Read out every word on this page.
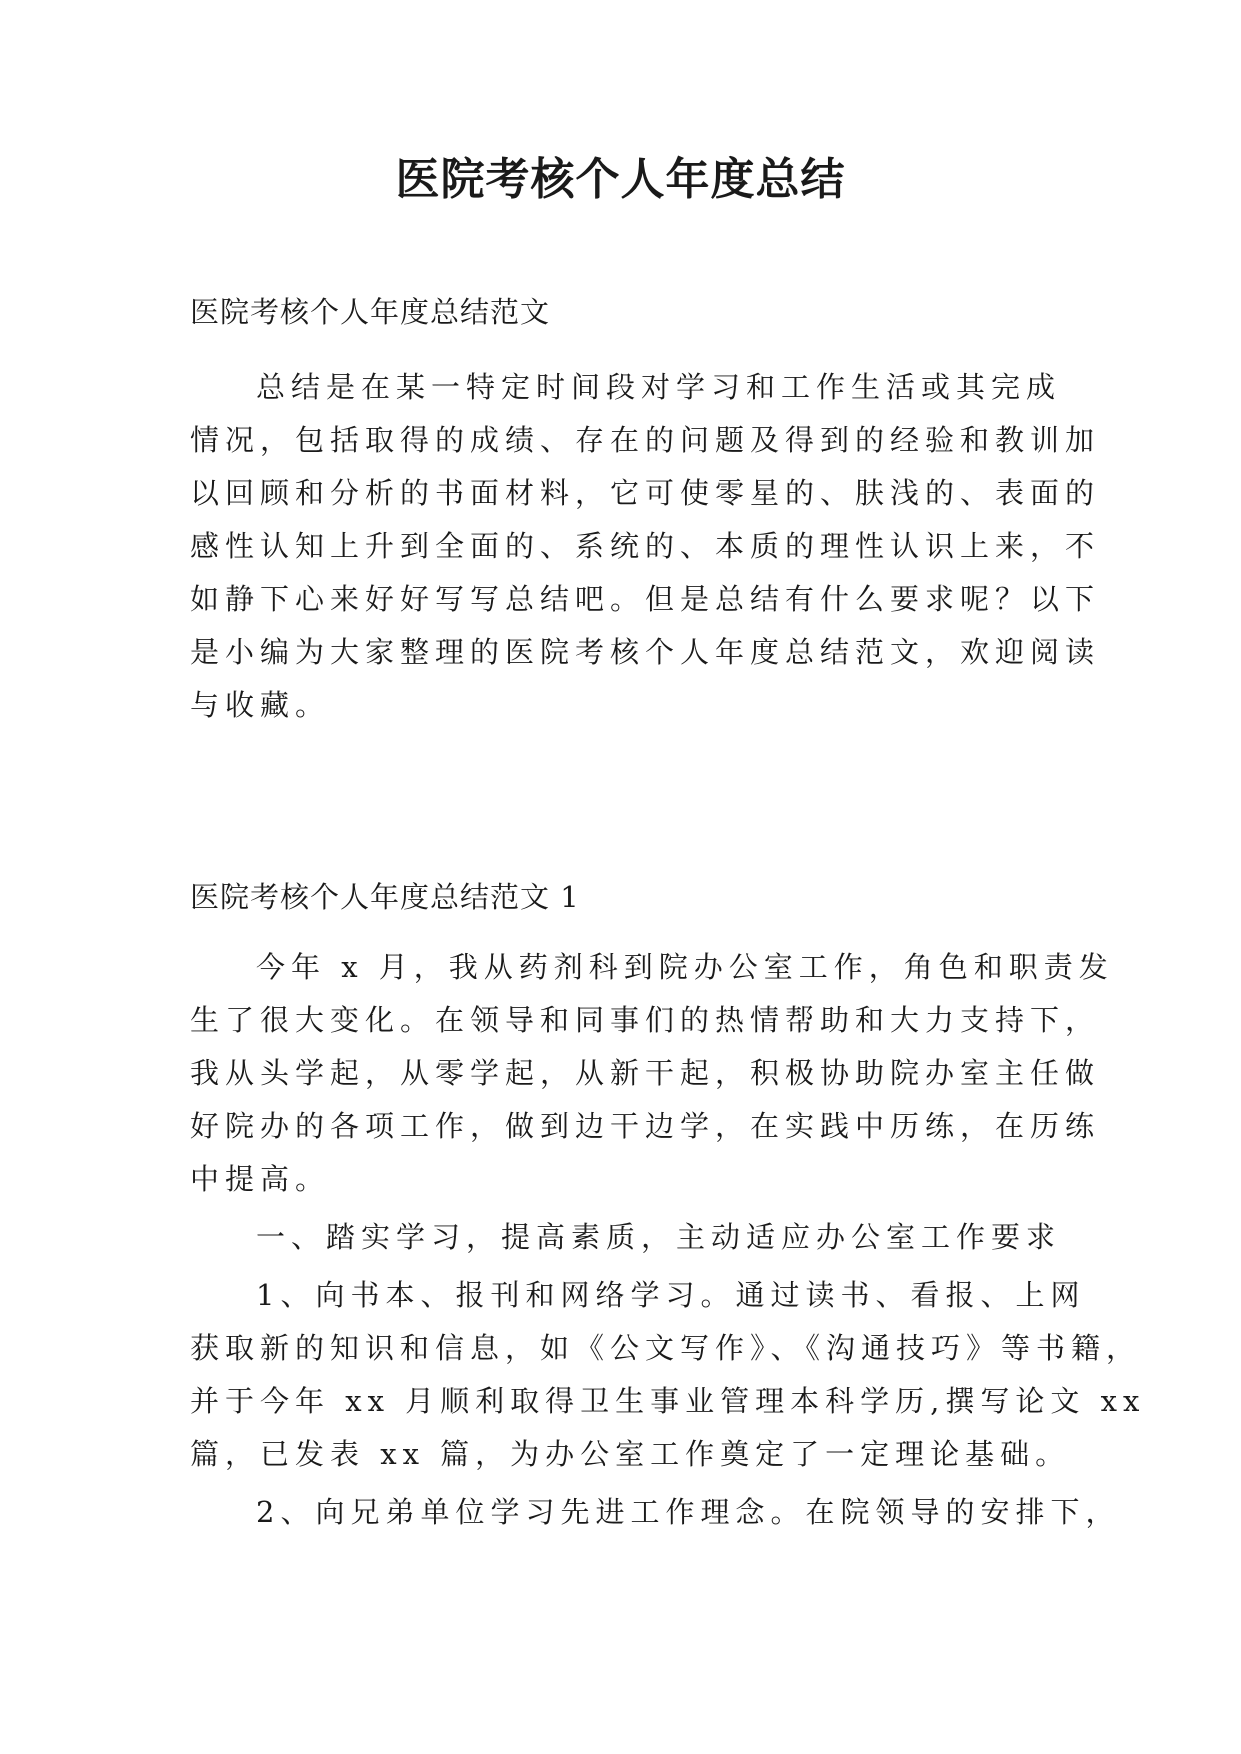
医院考核个人年度总结
医院考核个人年度总结范文
总结是在某一特定时间段对学习和工作生活或其完成
情况，包括取得的成绩、存在的问题及得到的经验和教训加
以回顾和分析的书面材料，它可使零星的、肤浅的、表面的
感性认知上升到全面的、系统的、本质的理性认识上来，不
如静下心来好好写写总结吧。但是总结有什么要求呢？以下
是小编为大家整理的医院考核个人年度总结范文，欢迎阅读
与收藏。
医院考核个人年度总结范文 1
今年 x 月，我从药剂科到院办公室工作，角色和职责发
生了很大变化。在领导和同事们的热情帮助和大力支持下，
我从头学起，从零学起，从新干起，积极协助院办室主任做
好院办的各项工作，做到边干边学，在实践中历练，在历练
中提高。
一、踏实学习，提高素质，主动适应办公室工作要求
1、向书本、报刊和网络学习。通过读书、看报、上网
获取新的知识和信息，如《公文写作》、《沟通技巧》等书籍，
并于今年 xx 月顺利取得卫生事业管理本科学历,撰写论文 xx
篇，已发表 xx 篇，为办公室工作奠定了一定理论基础。
2、向兄弟单位学习先进工作理念。在院领导的安排下，
